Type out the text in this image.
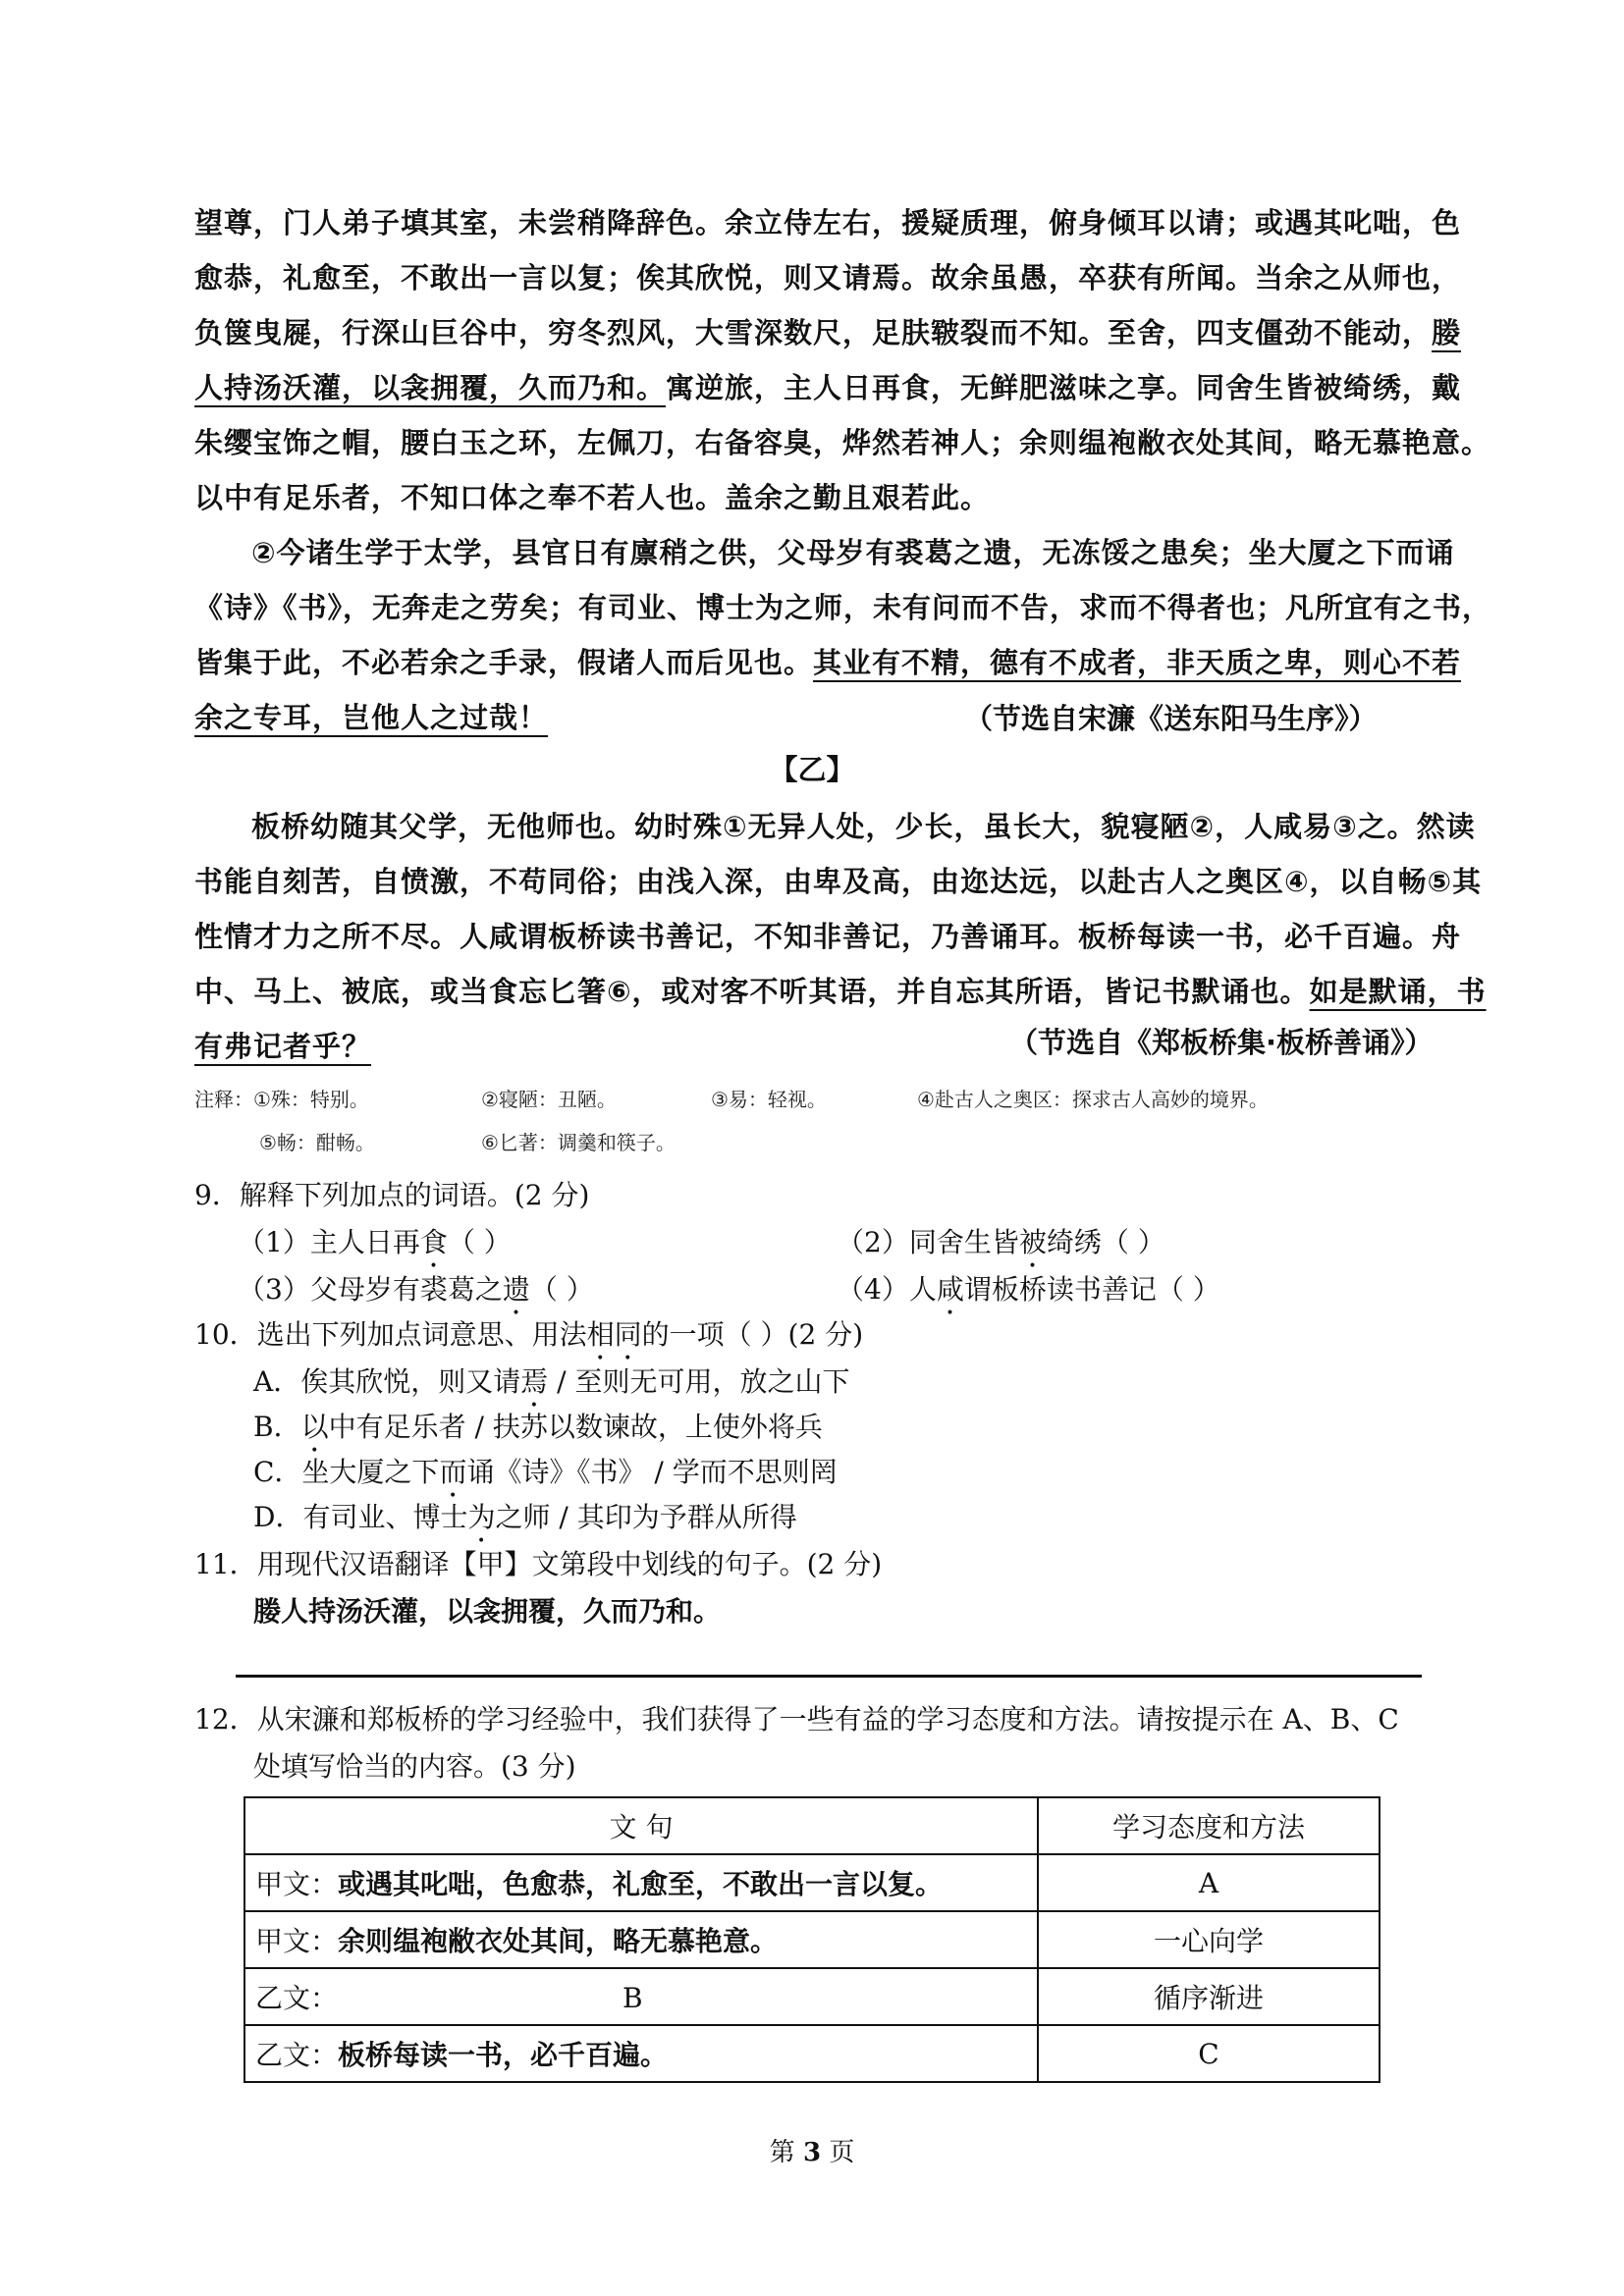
望尊，门人弟子填其室，未尝稍降辞色。余立侍左右，援疑质理，俯身倾耳以请；或遇其叱咄，色
愈恭，礼愈至，不敢出一言以复；俟其欣悦，则又请焉。故余虽愚，卒获有所闻。当余之从师也，
负箧曳屣，行深山巨谷中，穷冬烈风，大雪深数尺，足肤皲裂而不知。至舍，四支僵劲不能动，媵
人持汤沃灌，以衾拥覆，久而乃和。寓逆旅，主人日再食，无鲜肥滋味之享。同舍生皆被绮绣，戴
朱缨宝饰之帽，腰白玉之环，左佩刀，右备容臭，烨然若神人；余则缊袍敝衣处其间，略无慕艳意。
以中有足乐者，不知口体之奉不若人也。盖余之勤且艰若此。
②今诸生学于太学，县官日有廪稍之供，父母岁有裘葛之遗，无冻馁之患矣；坐大厦之下而诵
《诗》《书》，无奔走之劳矣；有司业、博士为之师，未有问而不告，求而不得者也；凡所宜有之书，
皆集于此，不必若余之手录，假诸人而后见也。其业有不精，德有不成者，非天质之卑，则心不若
余之专耳，岂他人之过哉！	（节选自宋濂《送东阳马生序》）
【乙】
板桥幼随其父学，无他师也。幼时殊①无异人处，少长，虽长大，貌寝陋②，人咸易③之。然读
书能自刻苦，自愤激，不苟同俗；由浅入深，由卑及高，由迩达远，以赴古人之奥区④，以自畅⑤其
性情才力之所不尽。人咸谓板桥读书善记，不知非善记，乃善诵耳。板桥每读一书，必千百遍。舟
中、马上、被底，或当食忘匕箸⑥，或对客不听其语，并自忘其所语，皆记书默诵也。如是默诵，书
有弗记者乎？	（节选自《郑板桥集·板桥善诵》）
注释：①殊：特别。	②寝陋：丑陋。	③易：轻视。	④赴古人之奥区：探求古人高妙的境界。
⑤畅：酣畅。	⑥匕著：调羹和筷子。
9．解释下列加点的词语。(2 分)
（1）主人日再食（ ）	（2）同舍生皆被绮绣（ ）
（3）父母岁有裘葛之遗（ ）	（4）人咸谓板桥读书善记（ ）
10．选出下列加点词意思、用法相同的一项（ ）(2 分)
A．俟其欣悦，则又请焉 / 至则无可用，放之山下
B．以中有足乐者 / 扶苏以数谏故，上使外将兵
C．坐大厦之下而诵《诗》《书》 / 学而不思则罔
D．有司业、博士为之师 / 其印为予群从所得
11．用现代汉语翻译【甲】文第段中划线的句子。(2 分)
媵人持汤沃灌，以衾拥覆，久而乃和。
12．从宋濂和郑板桥的学习经验中，我们获得了一些有益的学习态度和方法。请按提示在 A、B、C
处填写恰当的内容。(3 分)
文 句	学习态度和方法
甲文：或遇其叱咄，色愈恭，礼愈至，不敢出一言以复。	A
甲文：余则缊袍敝衣处其间，略无慕艳意。	一心向学
乙文： B	循序渐进
乙文：板桥每读一书，必千百遍。	C
第 3 页
